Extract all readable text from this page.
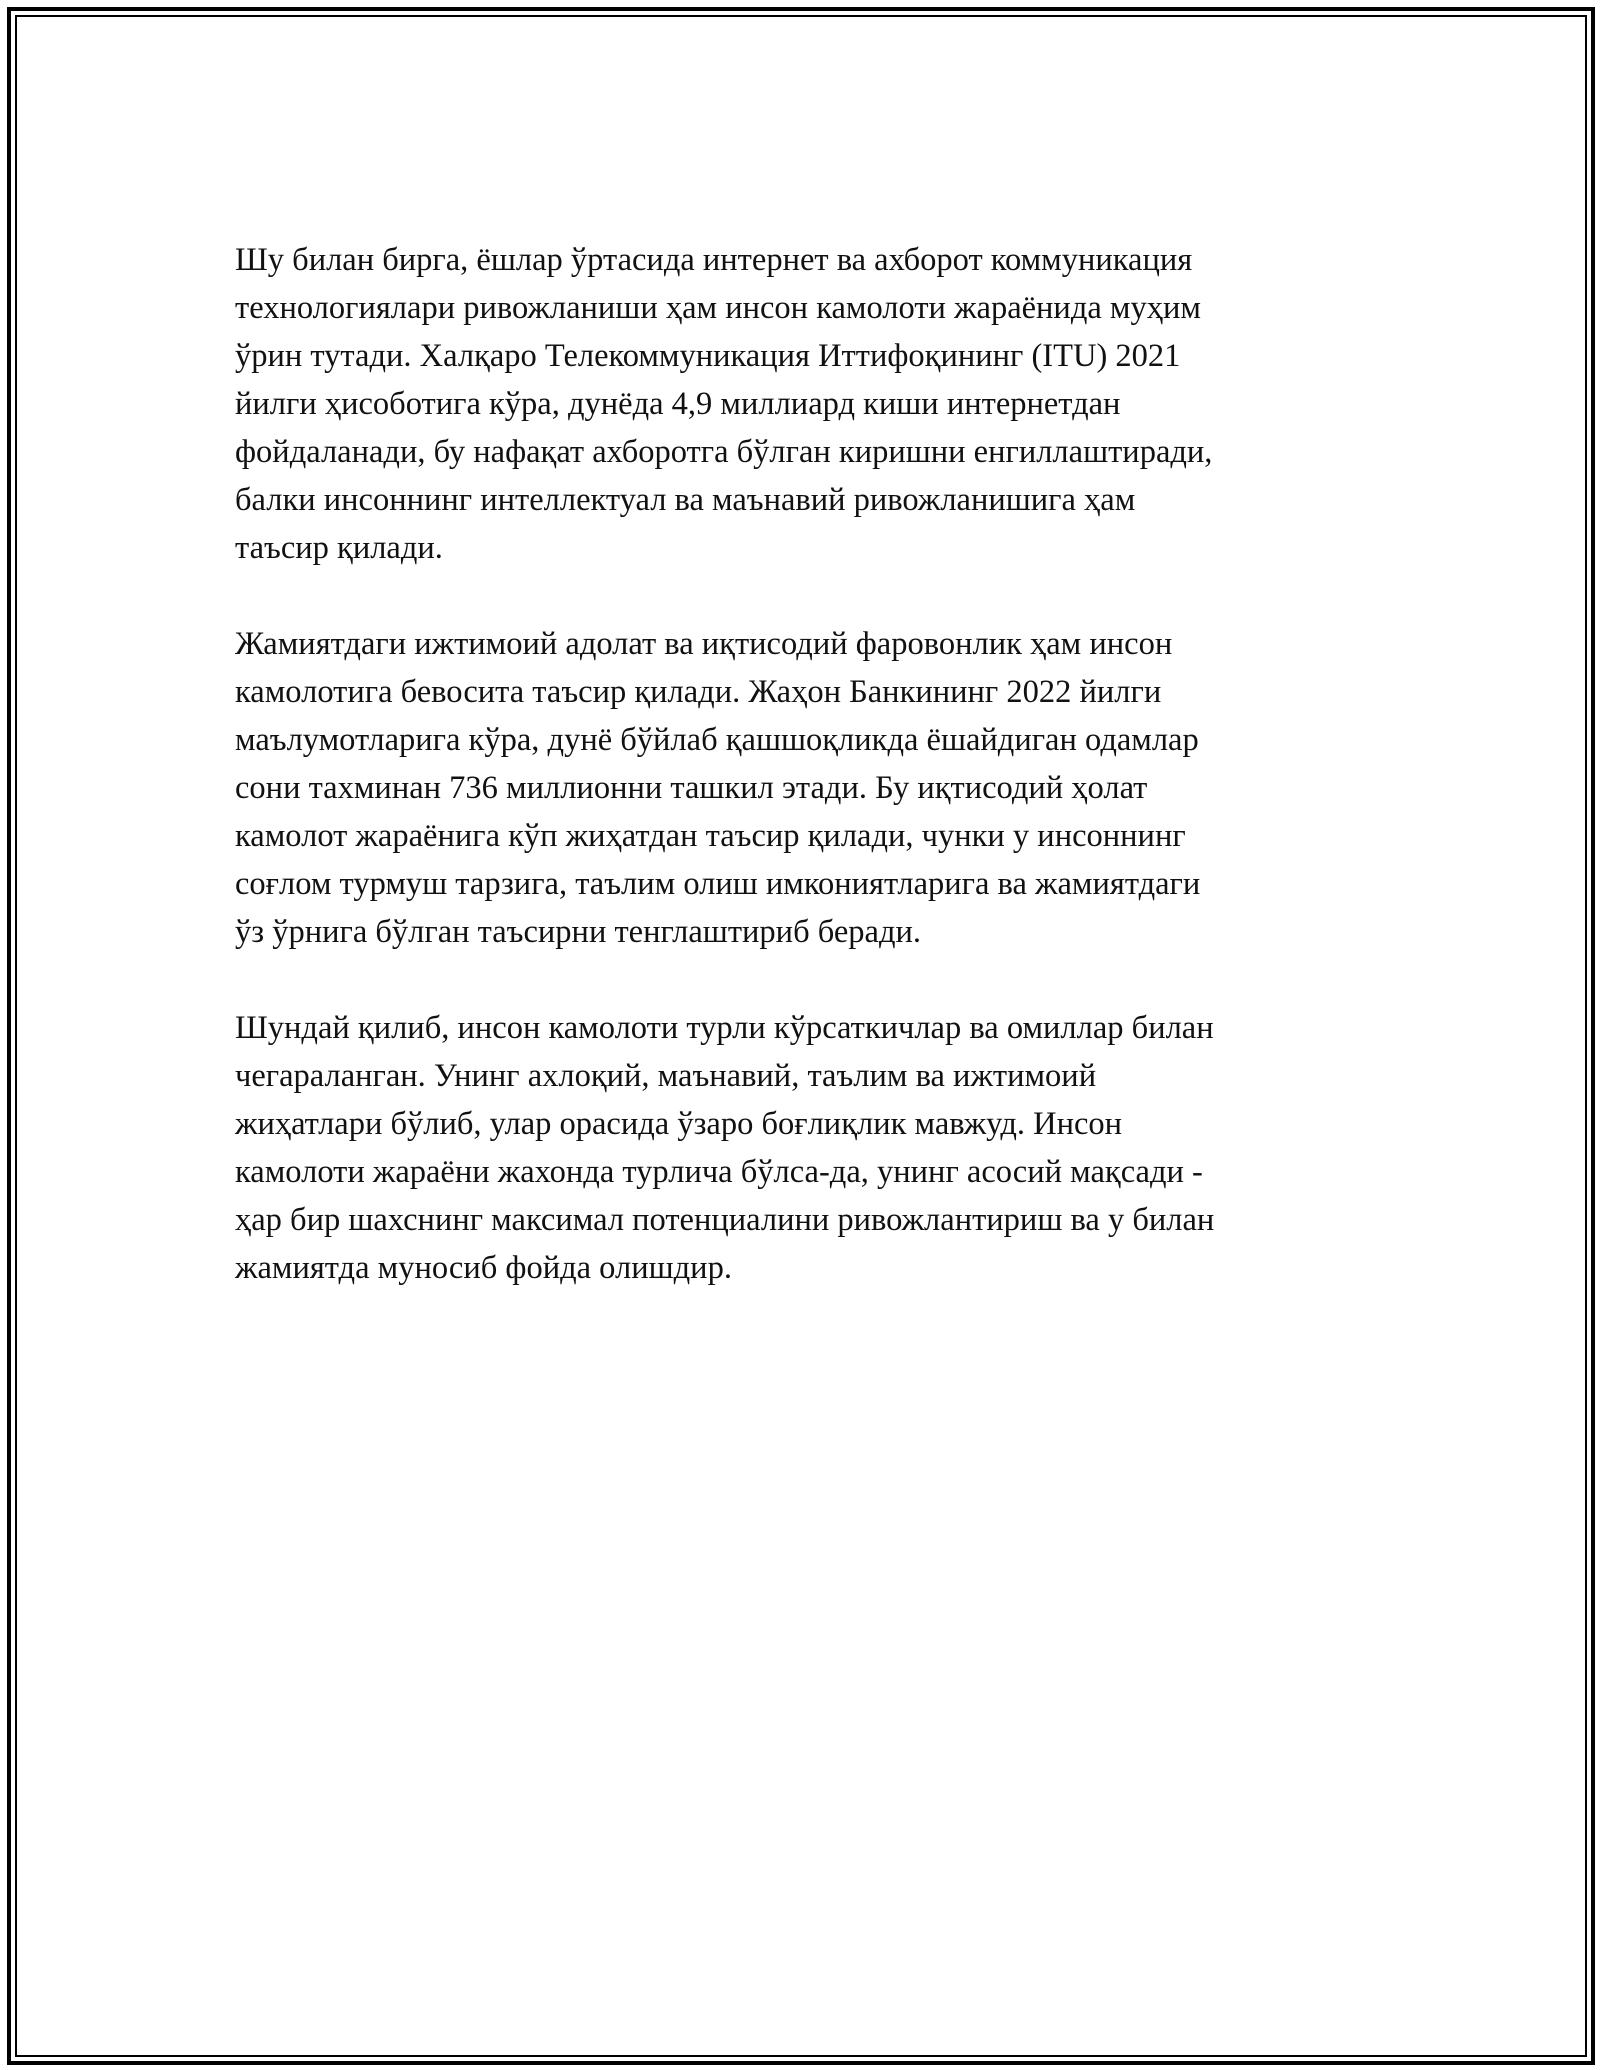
Шу билан бирга, ёшлар ўртасида интернет ва ахборот коммуникация
технологиялари ривожланиши ҳам инсон камолоти жараёнида муҳим
ўрин тутади. Халқаро Телекоммуникация Иттифоқининг (ITU) 2021
йилги ҳисоботига кўра, дунёда 4,9 миллиард киши интернетдан
фойдаланади, бу нафақат ахборотга бўлган киришни енгиллаштиради,
балки инсоннинг интеллектуал ва маънавий ривожланишига ҳам
таъсир қилади.

Жамиятдаги ижтимоий адолат ва иқтисодий фаровонлик ҳам инсон
камолотига бевосита таъсир қилади. Жаҳон Банкининг 2022 йилги
маълумотларига кўра, дунё бўйлаб қашшоқликда ёшайдиган одамлар
сони тахминан 736 миллионни ташкил этади. Бу иқтисодий ҳолат
камолот жараёнига кўп жиҳатдан таъсир қилади, чунки у инсоннинг
соғлом турмуш тарзига, таълим олиш имкониятларига ва жамиятдаги
ўз ўрнига бўлган таъсирни тенглаштириб беради.

Шундай қилиб, инсон камолоти турли кўрсаткичлар ва омиллар билан
чегараланган. Унинг ахлоқий, маънавий, таълим ва ижтимоий
жиҳатлари бўлиб, улар орасида ўзаро боғлиқлик мавжуд. Инсон
камолоти жараёни жахонда турлича бўлса-да, унинг асосий мақсади -
ҳар бир шахснинг максимал потенциалини ривожлантириш ва у билан
жамиятда муносиб фойда олишдир.
